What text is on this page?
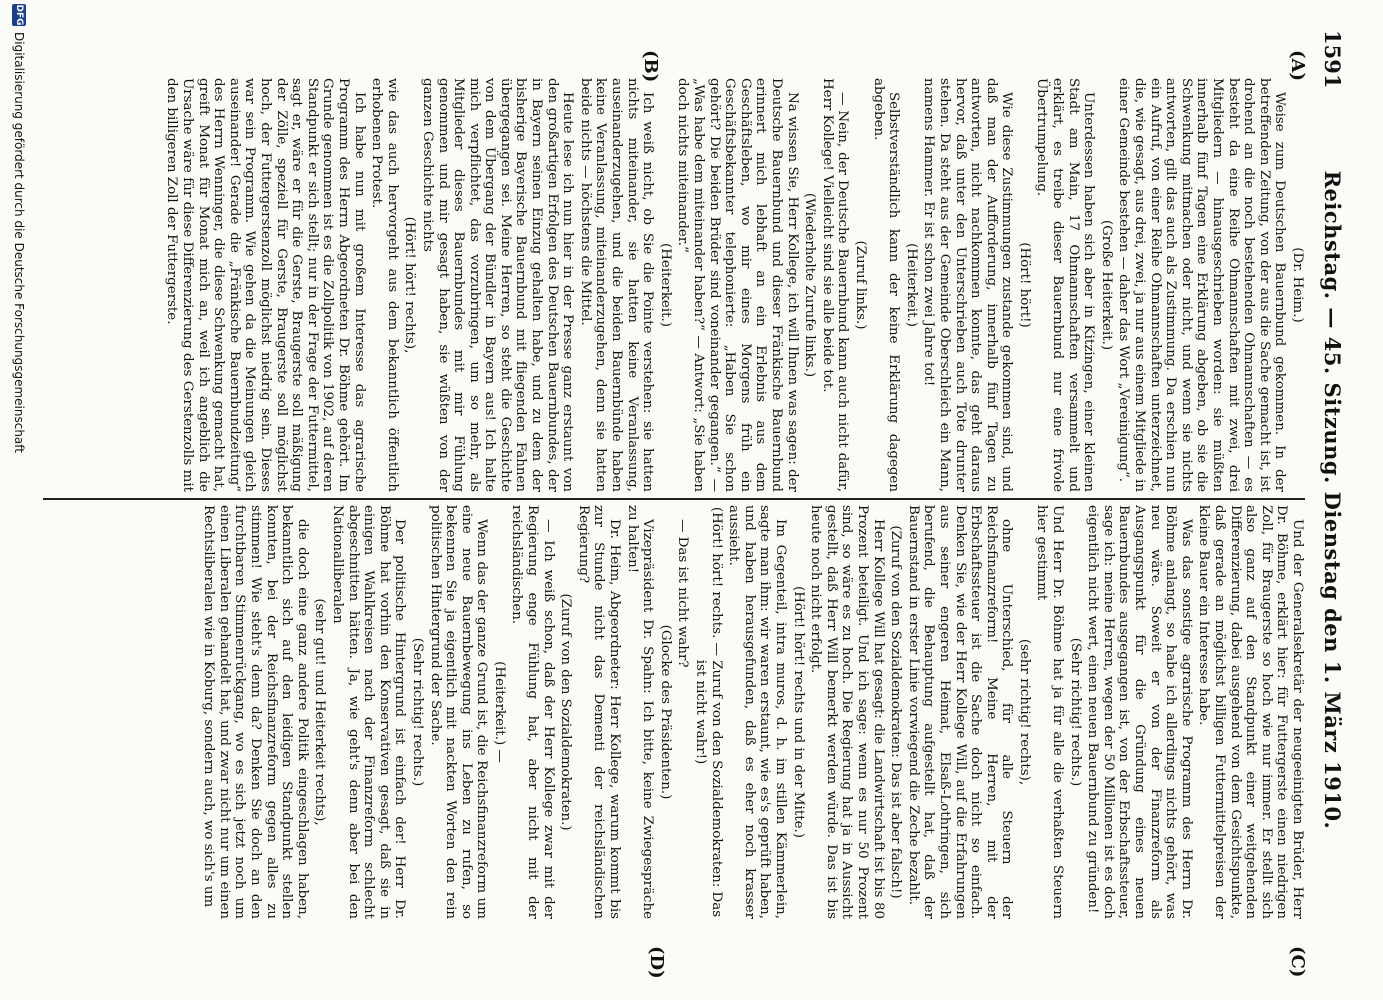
Reichstag. — 45. Sitzung. Dienstag den 1. März 1910.
1591
(A)
(B)
(C)
(D)

(Dr. Heim.)

Weise zum Deutschen Bauernbund gekommen. In der betreffenden Zeitung, von der aus die Sache gemacht ist, ist drohend an die noch bestehenden Ohmannschaften — es besteht da eine Reihe Ohmannschaften mit zwei, drei Mitgliedern — hinausgeschrieben worden: sie müßten innerhalb fünf Tagen eine Erklärung abgeben, ob sie die Schwenkung mitmachen oder nicht, und wenn sie nichts antworten, gilt das auch als Zustimmung. Da erschien nun ein Aufruf, von einer Reihe Ohmannschaften unterzeichnet, die, wie gesagt, aus drei, zwei, ja nur aus einem Mitgliede in einer Gemeinde bestehen — daher das Wort „Vereinigung“.

(Große Heiterkeit.)

Unterdessen haben sich aber in Kitzingen, einer kleinen Stadt am Main, 17 Ohmannschaften versammelt und erklärt, es treibe dieser Bauernbund nur eine frivole Übertrumpelung.

(Hört! hört!)

Wie diese Zustimmungen zustande gekommen sind, und daß man der Aufforderung, innerhalb fünf Tagen zu antworten, nicht nachkommen konnte, das geht daraus hervor, daß unter den Unterschrieben auch Tote drunter stehen. Da steht aus der Gemeinde Oberschleich ein Mann, namens Hammer. Er ist schon zwei Jahre tot!

(Heiterkeit.)

Selbstverständlich kann der keine Erklärung dagegen abgeben.

(Zuruf links.)

— Nein, der Deutsche Bauernbund kann auch nicht dafür, Herr Kollege! Vielleicht sind sie alle beide tot.

(Wiederholte Zurufe links.)

Na wissen Sie, Herr Kollege, ich will Ihnen was sagen: der Deutsche Bauernbund und dieser Fränkische Bauernbund erinnert mich lebhaft an ein Erlebnis aus dem Geschäftsleben, wo mir eines Morgens früh ein Geschäftsbekannter telephonierte: „Haben Sie schon gehört? Die beiden Brüder sind voneinander gegangen.“ — „Was habe dem miteinander haben?“ — Antwort: „Sie haben doch nichts miteinander.“

(Heiterkeit.)

Ich weiß nicht, ob Sie die Pointe verstehen: sie hatten nichts miteinander, sie hatten keine Veranlassung, auseinanderzugehen, und die beiden Bauernbünde haben keine Veranlassung, miteinanderzugehen, denn sie hatten beide nichts — höchstens die Mittel.

Heute lese ich nun hier in der Presse ganz erstaunt von den großartigen Erfolgen des Deutschen Bauernbundes, der in Bayern seinen Einzug gehalten habe, und zu dem der bisherige Bayerische Bauernbund mit fliegenden Fahnen übergegangen sei. Meine Herren, so steht die Geschichte von dem Übergang der Bündler in Bayern aus! Ich halte mich verpflichtet, das vorzubringen, um so mehr, als Mitglieder dieses Bauernbundes mit mir Fühlung genommen und mir gesagt haben, sie wüßten von der ganzen Geschichte nichts

(Hört! hört! rechts),

wie das auch hervorgeht aus dem bekanntlich öffentlich erhobenen Protest.

Ich habe nun mit großem Interesse das agrarische Programm des Herrn Abgeordneten Dr. Böhme gehört. Im Grunde genommen ist es die Zollpolitik von 1902, auf deren Standpunkt er sich stellt; nur in der Frage der Futtermittel, sagt er, wäre er für die Gerste, Braugerste soll mäßigung der Zölle, speziell für Gerste, Braugerste soll möglichst hoch, der Futtergerstenzoll möglichst niedrig sein. Dieses war sein Programm. Wie gehen da die Meinungen gleich auseinander! Gerade die „Fränkische Bauernbundzeitung“ des Herrn Wenninger, die diese Schwenkung gemacht hat, greift Monat für Monat mich an, weil ich angeblich die Ursache wäre für diese Differenzierung des Gerstenzolls mit den billigeren Zoll der Futtergerste.

Und der Generalsekretär der neugeeinigten Brüder, Herr Dr. Böhme, erklärt hier: für Futtergerste einen niedrigen Zoll, für Braugerste so hoch wie nur immer. Er stellt sich also ganz auf den Standpunkt einer weitgehenden Differenzierung, dabei ausgehend von dem Gesichtspunkte, daß gerade an möglichst billigen Futtermittelpreisen der kleine Bauer ein Interesse habe.

Was das sonstige agrarische Programm des Herrn Dr. Böhme anlangt, so habe ich allerdings nichts gehört, was neu wäre. Soweit er von der Finanzreform als Ausgangspunkt für die Gründung eines neuen Bauernbundes ausgegangen ist, von der Erbschaftssteuer, sage ich: meine Herren, wegen der 50 Millionen ist es doch eigentlich nicht wert, einen neuen Bauernbund zu gründen!

(Sehr richtig! rechts.)

Und Herr Dr. Böhme hat ja für alle die verhaßten Steuern hier gestimmt

(sehr richtig! rechts),

ohne Unterschied, für alle Steuern der Reichsfinanzreform! Meine Herren, mit der Erbschaftssteuer ist die Sache doch nicht so einfach. Denken Sie, wie der Herr Kollege Will, auf die Erfahrungen aus seiner engeren Heimat, Elsaß-Lothringen, sich berufend, die Behauptung aufgestellt hat, daß der Bauernstand in erster Linie vorwiegend die Zeche bezahlt.

(Zuruf von den Sozialdemokraten: Das ist aber falsch!)

Herr Kollege Will hat gesagt: die Landwirtschaft ist bis 80 Prozent beteiligt. Und ich sage: wenn es nur 50 Prozent sind, so wäre es zu hoch. Die Regierung hat ja in Aussicht gestellt, daß Herr Will bemerkt werden würde. Das ist bis heute noch nicht erfolgt.

(Hört! hört! rechts und in der Mitte.)

Im Gegenteil, intra muros, d. h. im stillen Kämmerlein, sagte man ihm: wir waren erstaunt, wie es's geprüft haben, und haben herausgefunden, daß es eher noch krasser aussieht.

(Hört! hört! rechts. — Zuruf von den Sozialdemokraten: Das ist nicht wahr!)

— Das ist nicht wahr?

(Glocke des Präsidenten.)

Vizepräsident Dr. Spahn: Ich bitte, keine Zwiegespräche zu halten!

Dr. Heim, Abgeordneter: Herr Kollege, warum kommt bis zur Stunde nicht das Dementi der reichsländischen Regierung?

(Zuruf von den Sozialdemokraten.)

— Ich weiß schon, daß der Herr Kollege zwar mit der Regierung enge Fühlung hat, aber nicht mit der reichsländischen.

(Heiterkeit.) —

Wenn das der ganze Grund ist, die Reichsfinanzreform um eine neue Bauernbewegung ins Leben zu rufen, so bekennen Sie ja eigentlich mit nackten Worten den rein politischen Hintergrund der Sache.

(Sehr richtig! rechts.)

Der politische Hintergrund ist einfach der! Herr Dr. Böhme hat vorhin den Konservativen gesagt, daß sie in einigen Wahlkreisen nach der Finanzreform schlecht abgeschnitten hätten. Ja, wie geht's denn aber bei den Nationalliberalen

(sehr gut! und Heiterkeit rechts),

die doch eine ganz andere Politik eingeschlagen haben, bekanntlich sich auf den leidigen Standpunkt stellen konnten, bei der Reichsfinanzreform gegen alles zu stimmen! Wie steht's denn da? Denken Sie doch an den furchtbaren Stimmenrückgang, wo es sich jetzt noch um einen Liberalen gehandelt hat, und zwar nicht nur um einen Rechtsliberalen wie in Koburg, sondern auch, wo sich's um

DFG
Digitalisierung gefördert durch die Deutsche Forschungsgemeinschaft
